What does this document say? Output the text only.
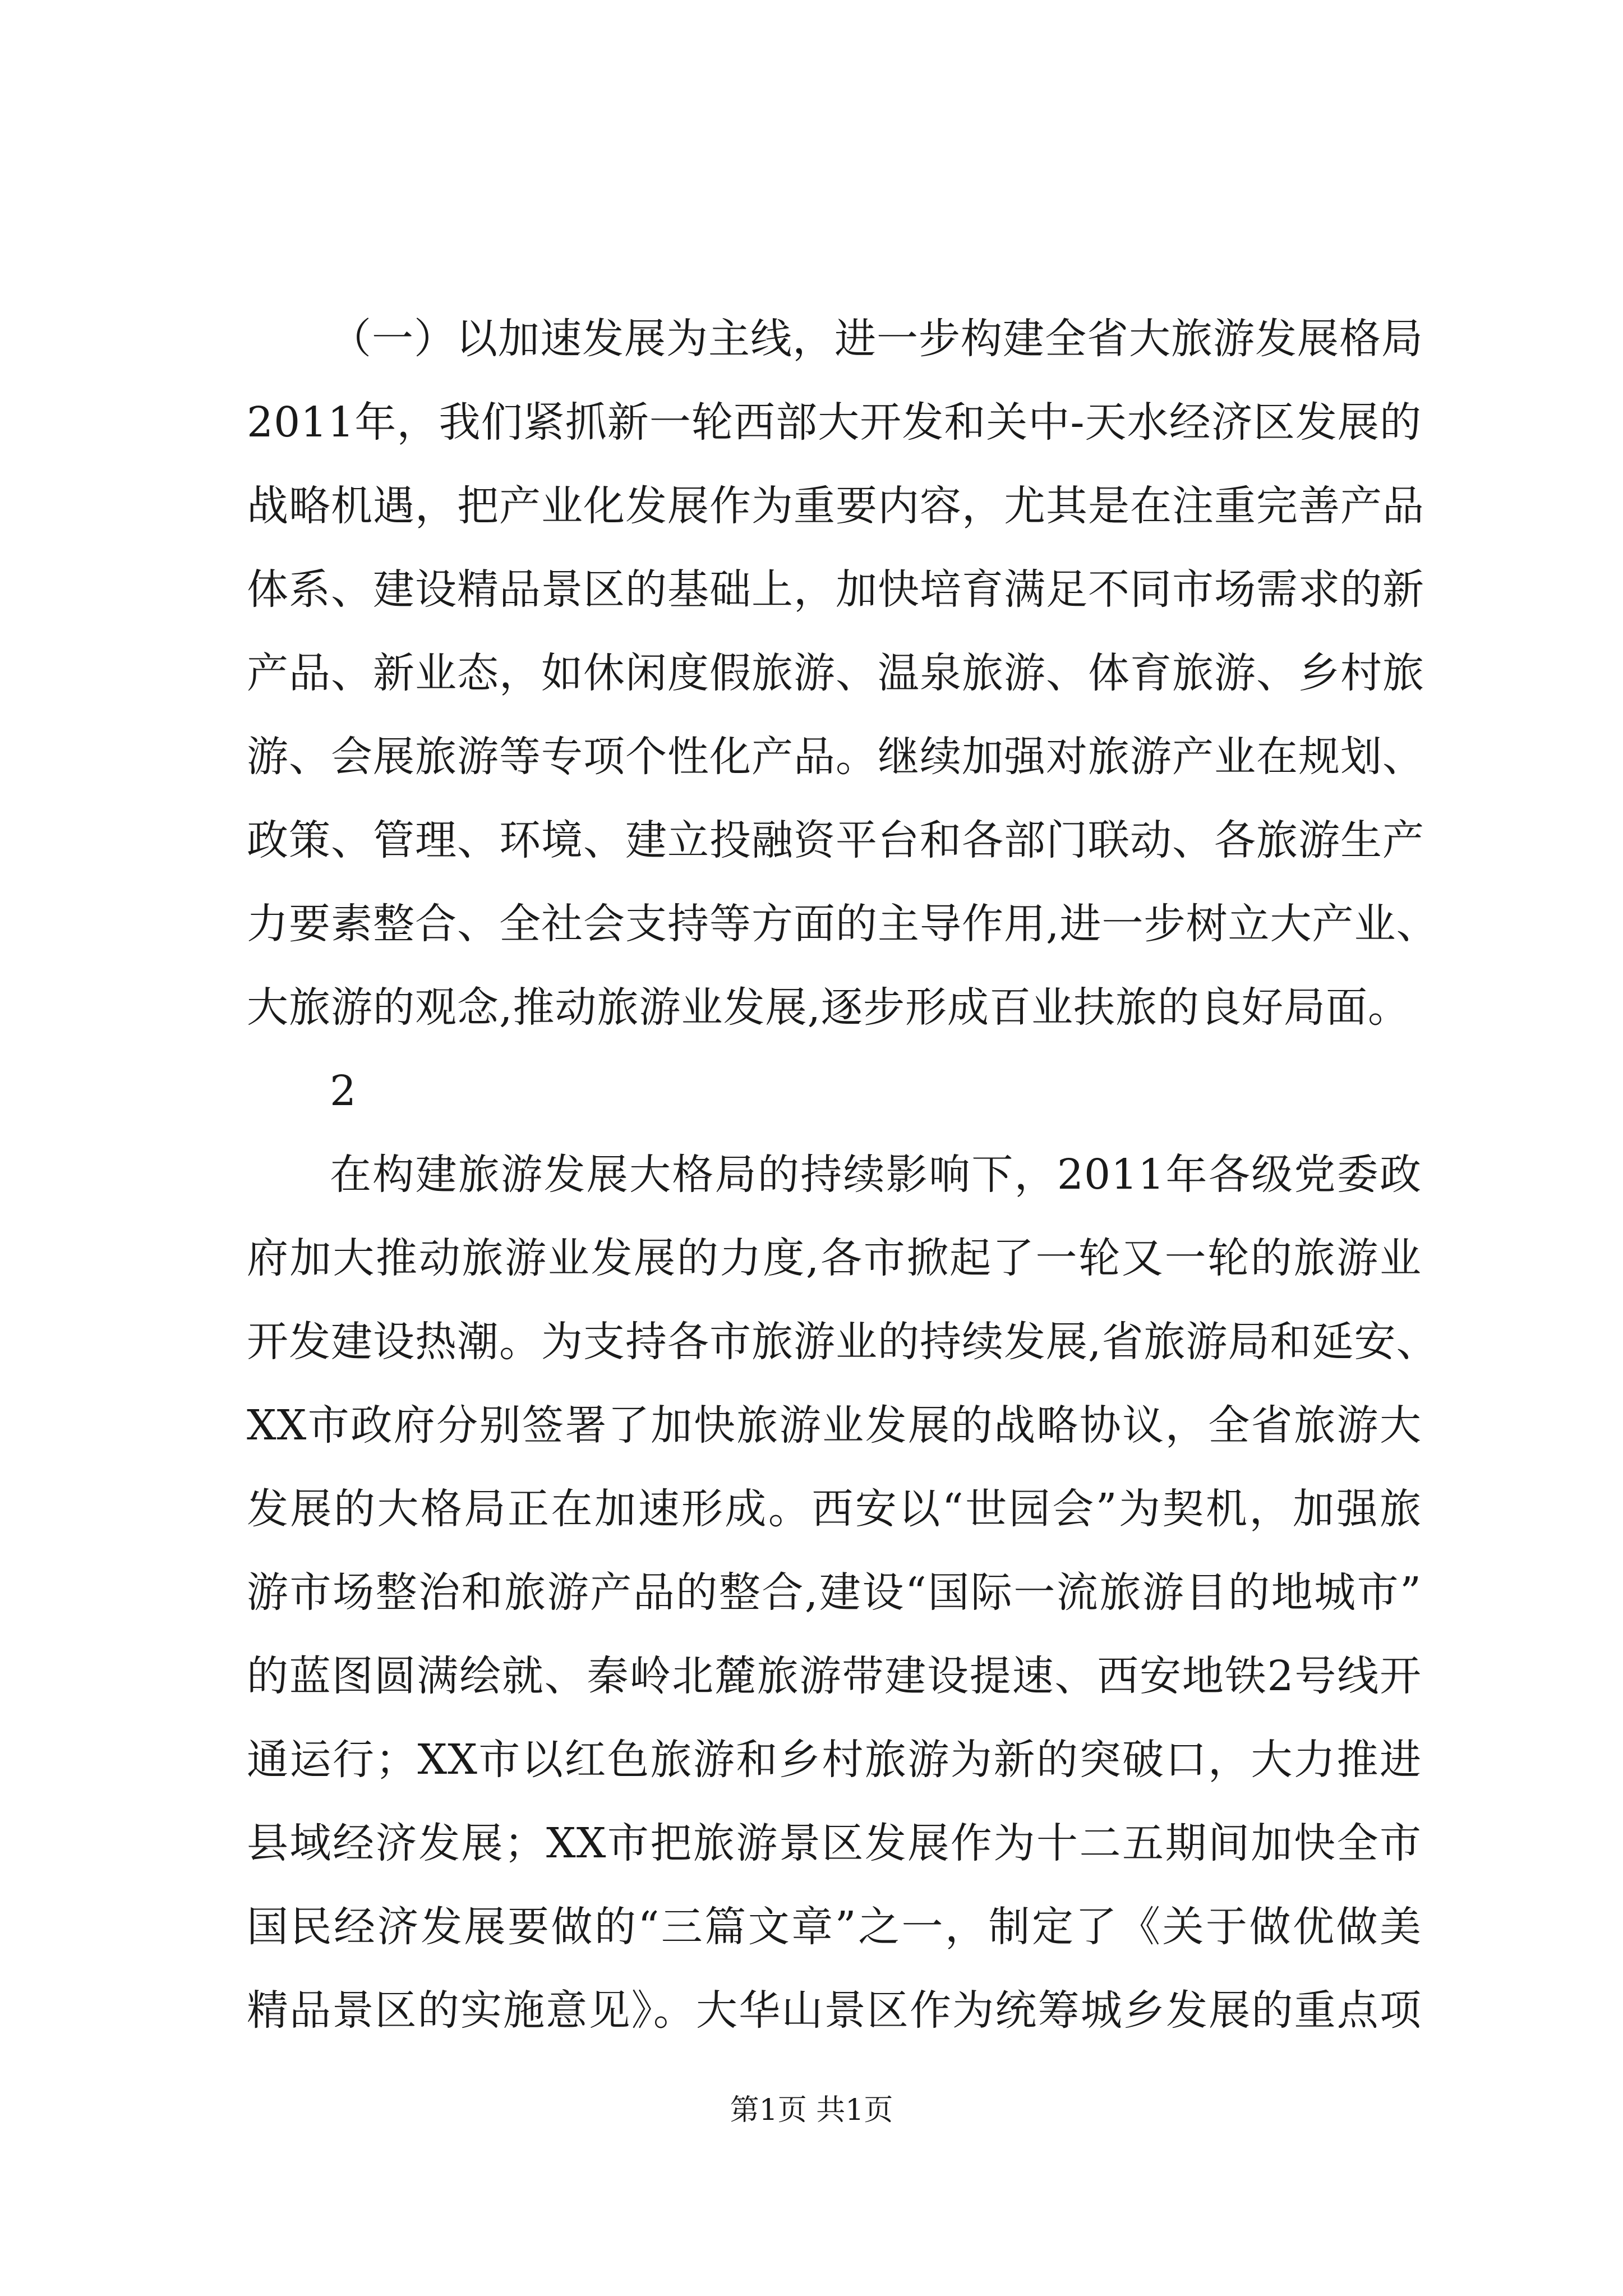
（一）以加速发展为主线，进一步构建全省大旅游发展格局
2011年，我们紧抓新一轮西部大开发和关中-天水经济区发展的
战略机遇，把产业化发展作为重要内容，尤其是在注重完善产品
体系、建设精品景区的基础上，加快培育满足不同市场需求的新
产品、新业态，如休闲度假旅游、温泉旅游、体育旅游、乡村旅
游、会展旅游等专项个性化产品。继续加强对旅游产业在规划、
政策、管理、环境、建立投融资平台和各部门联动、各旅游生产
力要素整合、全社会支持等方面的主导作用,进一步树立大产业、
大旅游的观念,推动旅游业发展,逐步形成百业扶旅的良好局面。
2
在构建旅游发展大格局的持续影响下，2011年各级党委政
府加大推动旅游业发展的力度,各市掀起了一轮又一轮的旅游业
开发建设热潮。为支持各市旅游业的持续发展,省旅游局和延安、
XX市政府分别签署了加快旅游业发展的战略协议，全省旅游大
发展的大格局正在加速形成。西安以“世园会”为契机，加强旅
游市场整治和旅游产品的整合,建设“国际一流旅游目的地城市”
的蓝图圆满绘就、秦岭北麓旅游带建设提速、西安地铁2号线开
通运行；XX市以红色旅游和乡村旅游为新的突破口，大力推进
县域经济发展；XX市把旅游景区发展作为十二五期间加快全市
国民经济发展要做的“三篇文章”之一，制定了《关于做优做美
精品景区的实施意见》。大华山景区作为统筹城乡发展的重点项
第1页 共1页
